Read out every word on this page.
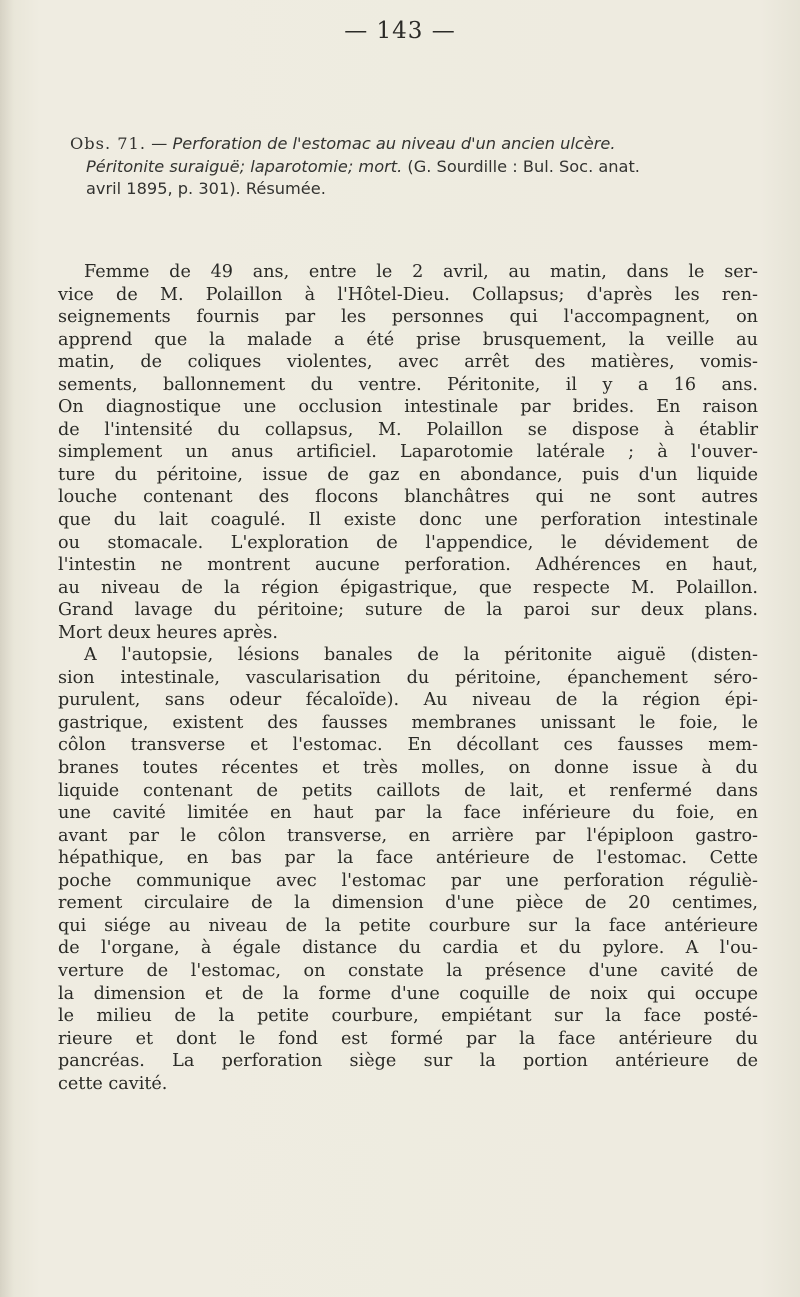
— 143 —
Obs. 71. — Perforation de l'estomac au niveau d'un ancien ulcère.
Péritonite suraiguë; laparotomie; mort. (G. Sourdille : Bul. Soc. anat.
avril 1895, p. 301). Résumée.
Femme de 49 ans, entre le 2 avril, au matin, dans le ser-
vice de M. Polaillon à l'Hôtel-Dieu. Collapsus; d'après les ren-
seignements fournis par les personnes qui l'accompagnent, on
apprend que la malade a été prise brusquement, la veille au
matin, de coliques violentes, avec arrêt des matières, vomis-
sements, ballonnement du ventre. Péritonite, il y a 16 ans.
On diagnostique une occlusion intestinale par brides. En raison
de l'intensité du collapsus, M. Polaillon se dispose à établir
simplement un anus artificiel. Laparotomie latérale ; à l'ouver-
ture du péritoine, issue de gaz en abondance, puis d'un liquide
louche contenant des flocons blanchâtres qui ne sont autres
que du lait coagulé. Il existe donc une perforation intestinale
ou stomacale. L'exploration de l'appendice, le dévidement de
l'intestin ne montrent aucune perforation. Adhérences en haut,
au niveau de la région épigastrique, que respecte M. Polaillon.
Grand lavage du péritoine; suture de la paroi sur deux plans.
Mort deux heures après.
A l'autopsie, lésions banales de la péritonite aiguë (disten-
sion intestinale, vascularisation du péritoine, épanchement séro-
purulent, sans odeur fécaloïde). Au niveau de la région épi-
gastrique, existent des fausses membranes unissant le foie, le
côlon transverse et l'estomac. En décollant ces fausses mem-
branes toutes récentes et très molles, on donne issue à du
liquide contenant de petits caillots de lait, et renfermé dans
une cavité limitée en haut par la face inférieure du foie, en
avant par le côlon transverse, en arrière par l'épiploon gastro-
hépathique, en bas par la face antérieure de l'estomac. Cette
poche communique avec l'estomac par une perforation réguliè-
rement circulaire de la dimension d'une pièce de 20 centimes,
qui siége au niveau de la petite courbure sur la face antérieure
de l'organe, à égale distance du cardia et du pylore. A l'ou-
verture de l'estomac, on constate la présence d'une cavité de
la dimension et de la forme d'une coquille de noix qui occupe
le milieu de la petite courbure, empiétant sur la face posté-
rieure et dont le fond est formé par la face antérieure du
pancréas. La perforation siège sur la portion antérieure de
cette cavité.
